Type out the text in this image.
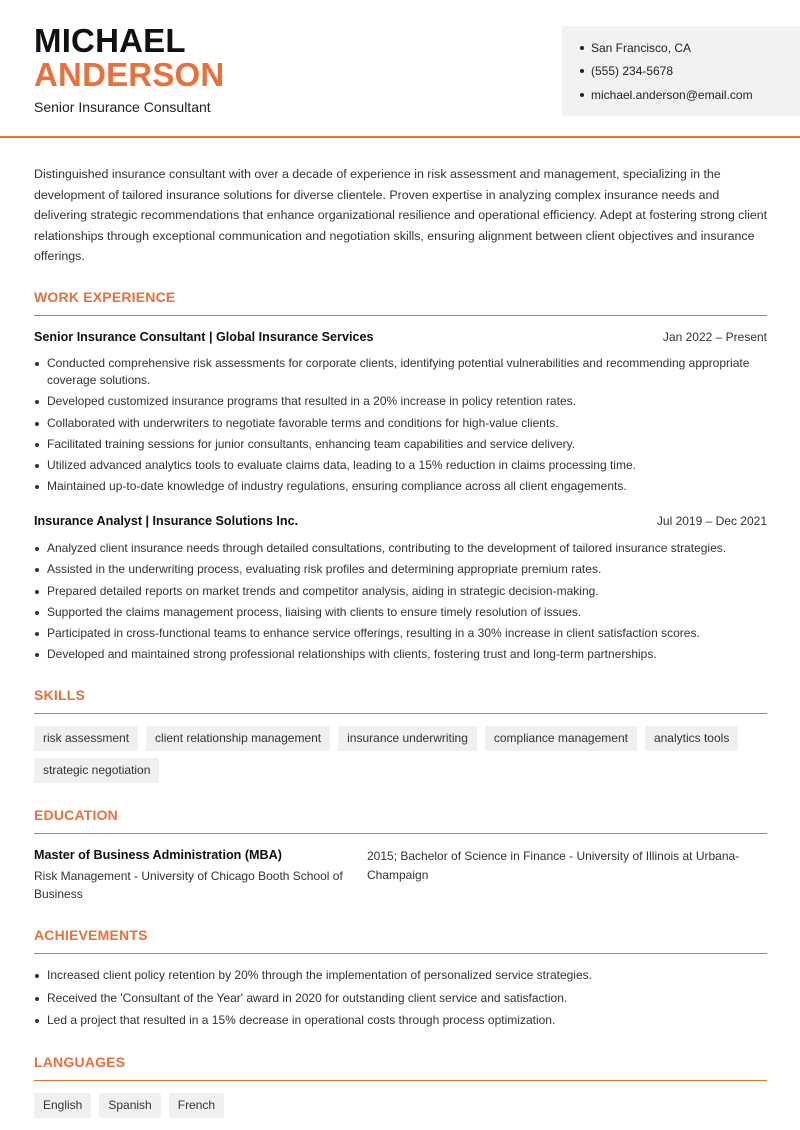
MICHAEL
ANDERSON
Senior Insurance Consultant
San Francisco, CA
(555) 234-5678
michael.anderson@email.com

Distinguished insurance consultant with over a decade of experience in risk assessment and management, specializing in the development of tailored insurance solutions for diverse clientele. Proven expertise in analyzing complex insurance needs and delivering strategic recommendations that enhance organizational resilience and operational efficiency. Adept at fostering strong client relationships through exceptional communication and negotiation skills, ensuring alignment between client objectives and insurance offerings.

WORK EXPERIENCE
Senior Insurance Consultant | Global Insurance Services	Jan 2022 – Present
Conducted comprehensive risk assessments for corporate clients, identifying potential vulnerabilities and recommending appropriate coverage solutions.
Developed customized insurance programs that resulted in a 20% increase in policy retention rates.
Collaborated with underwriters to negotiate favorable terms and conditions for high-value clients.
Facilitated training sessions for junior consultants, enhancing team capabilities and service delivery.
Utilized advanced analytics tools to evaluate claims data, leading to a 15% reduction in claims processing time.
Maintained up-to-date knowledge of industry regulations, ensuring compliance across all client engagements.
Insurance Analyst | Insurance Solutions Inc.	Jul 2019 – Dec 2021
Analyzed client insurance needs through detailed consultations, contributing to the development of tailored insurance strategies.
Assisted in the underwriting process, evaluating risk profiles and determining appropriate premium rates.
Prepared detailed reports on market trends and competitor analysis, aiding in strategic decision-making.
Supported the claims management process, liaising with clients to ensure timely resolution of issues.
Participated in cross-functional teams to enhance service offerings, resulting in a 30% increase in client satisfaction scores.
Developed and maintained strong professional relationships with clients, fostering trust and long-term partnerships.
SKILLS
risk assessment	client relationship management	insurance underwriting	compliance management	analytics tools
strategic negotiation
EDUCATION
Master of Business Administration (MBA)
Risk Management - University of Chicago Booth School of Business
2015; Bachelor of Science in Finance - University of Illinois at Urbana-Champaign
ACHIEVEMENTS
Increased client policy retention by 20% through the implementation of personalized service strategies.
Received the 'Consultant of the Year' award in 2020 for outstanding client service and satisfaction.
Led a project that resulted in a 15% decrease in operational costs through process optimization.
LANGUAGES
English	Spanish	French
